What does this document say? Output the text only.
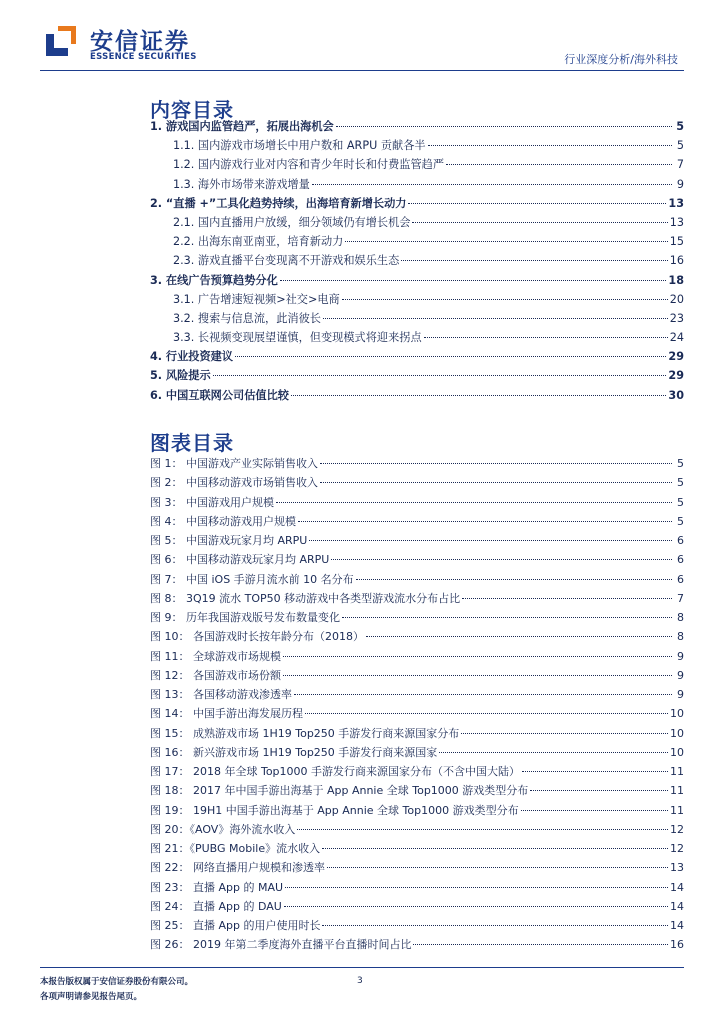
安信证券
ESSENCE SECURITIES	行业深度分析/海外科技
内容目录
1. 游戏国内监管趋严，拓展出海机会	5
1.1. 国内游戏市场增长中用户数和 ARPU 贡献各半	5
1.2. 国内游戏行业对内容和青少年时长和付费监管趋严	7
1.3. 海外市场带来游戏增量	9
2. “直播 +”工具化趋势持续，出海培育新增长动力	13
2.1. 国内直播用户放缓，细分领域仍有增长机会	13
2.2. 出海东南亚南亚，培育新动力	15
2.3. 游戏直播平台变现离不开游戏和娱乐生态	16
3. 在线广告预算趋势分化	18
3.1. 广告增速短视频>社交>电商	20
3.2. 搜索与信息流，此消彼长	23
3.3. 长视频变现展望谨慎，但变现模式将迎来拐点	24
4. 行业投资建议	29
5. 风险提示	29
6. 中国互联网公司估值比较	30
图表目录
图 1： 中国游戏产业实际销售收入	5
图 2： 中国移动游戏市场销售收入	5
图 3： 中国游戏用户规模	5
图 4： 中国移动游戏用户规模	5
图 5： 中国游戏玩家月均 ARPU	6
图 6： 中国移动游戏玩家月均 ARPU	6
图 7： 中国 iOS 手游月流水前 10 名分布	6
图 8： 3Q19 流水 TOP50 移动游戏中各类型游戏流水分布占比	7
图 9： 历年我国游戏版号发布数量变化	8
图 10： 各国游戏时长按年龄分布（2018）	8
图 11： 全球游戏市场规模	9
图 12： 各国游戏市场份额	9
图 13： 各国移动游戏渗透率	9
图 14： 中国手游出海发展历程	10
图 15： 成熟游戏市场 1H19 Top250 手游发行商来源国家分布	10
图 16： 新兴游戏市场 1H19 Top250 手游发行商来源国家	10
图 17： 2018 年全球 Top1000 手游发行商来源国家分布（不含中国大陆）	11
图 18： 2017 年中国手游出海基于 App Annie 全球 Top1000 游戏类型分布	11
图 19： 19H1 中国手游出海基于 App Annie 全球 Top1000 游戏类型分布	11
图 20：《AOV》海外流水收入	12
图 21：《PUBG Mobile》流水收入	12
图 22： 网络直播用户规模和渗透率	13
图 23： 直播 App 的 MAU	14
图 24： 直播 App 的 DAU	14
图 25： 直播 App 的用户使用时长	14
图 26： 2019 年第二季度海外直播平台直播时间占比	16
本报告版权属于安信证券股份有限公司。
各项声明请参见报告尾页。
3
